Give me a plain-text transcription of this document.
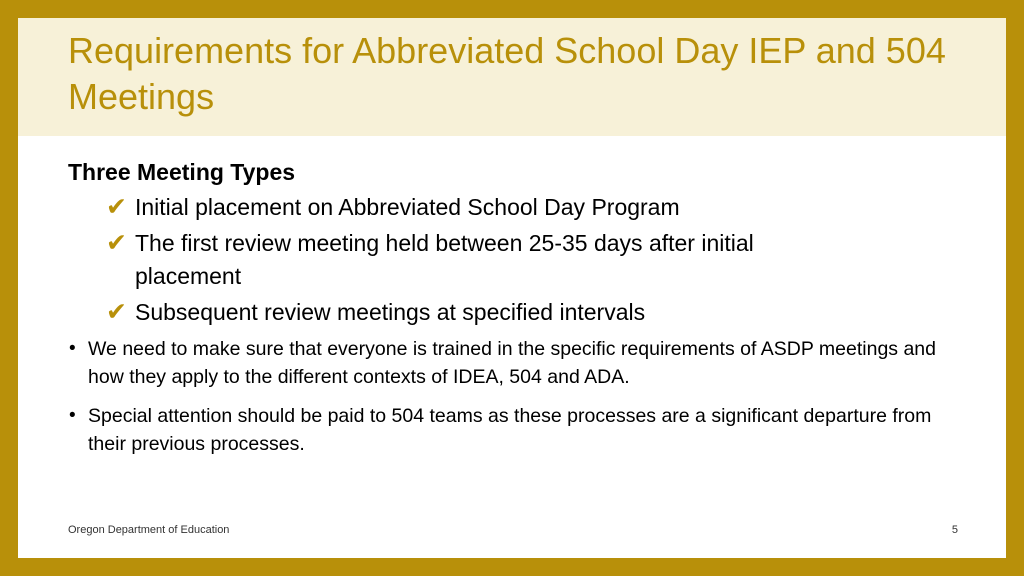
Requirements for Abbreviated School Day IEP and 504 Meetings

Three Meeting Types

✔ Initial placement on Abbreviated School Day Program
✔ The first review meeting held between 25-35 days after initial placement
✔ Subsequent review meetings at specified intervals
• We need to make sure that everyone is trained in the specific requirements of ASDP meetings and how they apply to the different contexts of IDEA, 504 and ADA.
• Special attention should be paid to 504 teams as these processes are a significant departure from their previous processes.
Oregon Department of Education	5
